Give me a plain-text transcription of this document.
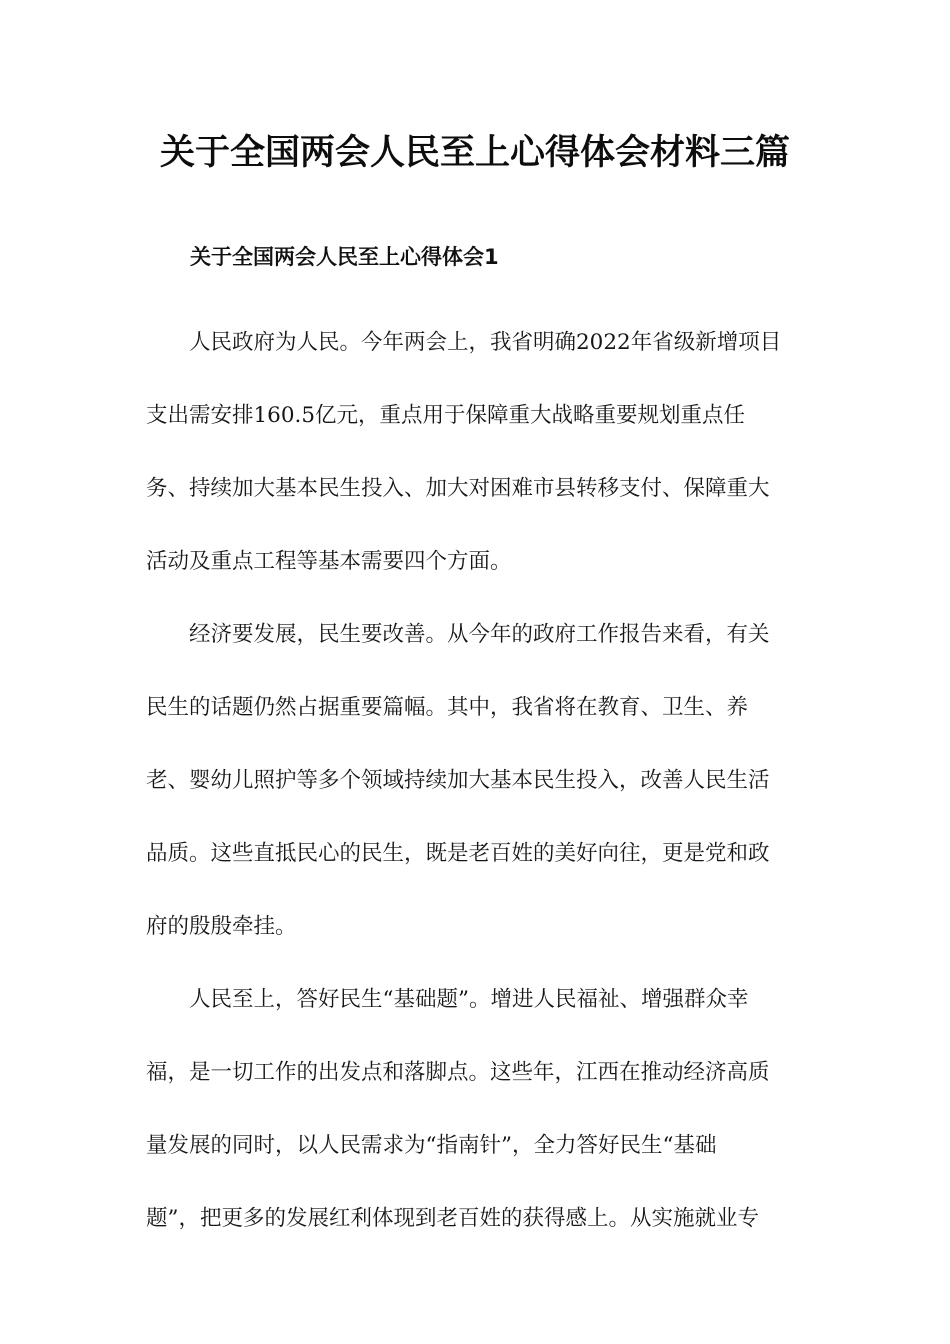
关于全国两会人民至上心得体会材料三篇
关于全国两会人民至上心得体会1
人民政府为人民。今年两会上，我省明确2022年省级新增项目
支出需安排160.5亿元，重点用于保障重大战略重要规划重点任
务、持续加大基本民生投入、加大对困难市县转移支付、保障重大
活动及重点工程等基本需要四个方面。
经济要发展，民生要改善。从今年的政府工作报告来看，有关
民生的话题仍然占据重要篇幅。其中，我省将在教育、卫生、养
老、婴幼儿照护等多个领域持续加大基本民生投入，改善人民生活
品质。这些直抵民心的民生，既是老百姓的美好向往，更是党和政
府的殷殷牵挂。
人民至上，答好民生“基础题”。增进人民福祉、增强群众幸
福，是一切工作的出发点和落脚点。这些年，江西在推动经济高质
量发展的同时，以人民需求为“指南针”，全力答好民生“基础
题”，把更多的发展红利体现到老百姓的获得感上。从实施就业专
